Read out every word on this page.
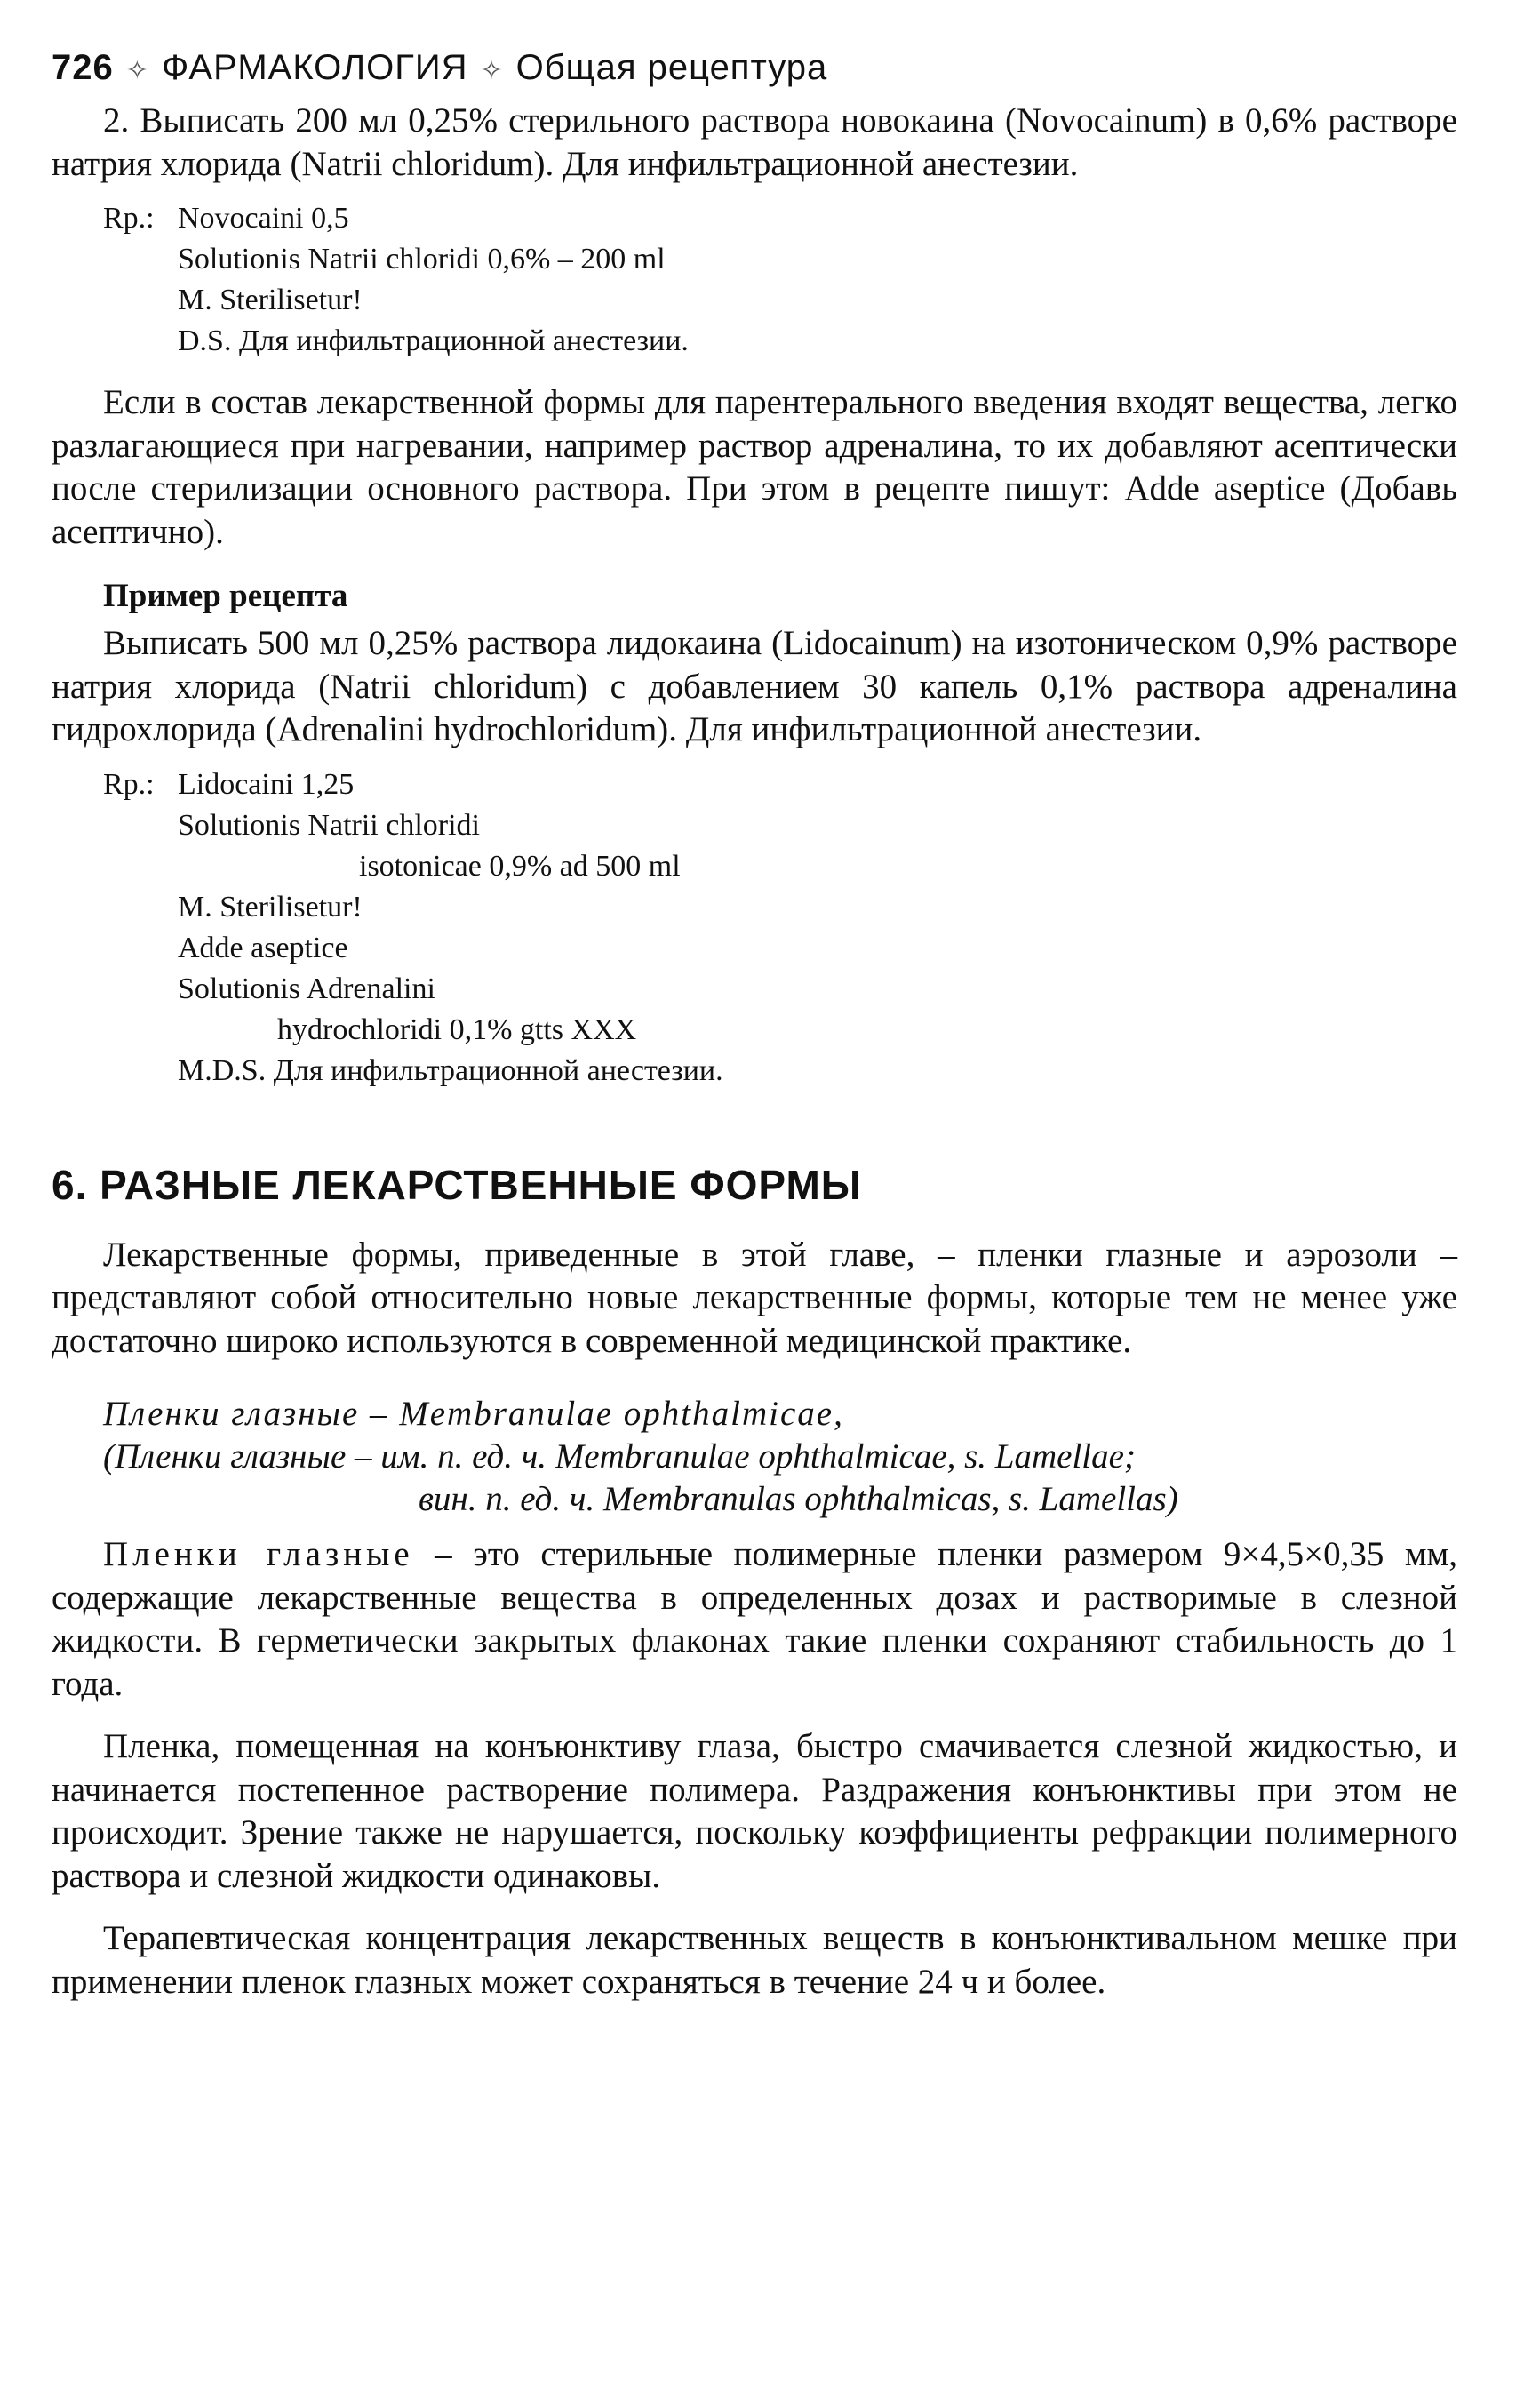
726 ✧ ФАРМАКОЛОГИЯ ✧ Общая рецептура

2. Выписать 200 мл 0,25% стерильного раствора новокаина (Novocainum) в 0,6% растворе натрия хлорида (Natrii chloridum). Для инфильтрационной анестезии.

Rp.: Novocaini 0,5
Solutionis Natrii chloridi 0,6% – 200 ml
M. Sterilisetur!
D.S. Для инфильтрационной анестезии.

Если в состав лекарственной формы для парентерального введения входят вещества, легко разлагающиеся при нагревании, например раствор адреналина, то их добавляют асептически после стерилизации основного раствора. При этом в рецепте пишут: Adde aseptice (Добавь асептично).

Пример рецепта

Выписать 500 мл 0,25% раствора лидокаина (Lidocainum) на изотоническом 0,9% растворе натрия хлорида (Natrii chloridum) с добавлением 30 капель 0,1% раствора адреналина гидрохлорида (Adrenalini hydrochloridum). Для инфильтрационной анестезии.

Rp.: Lidocaini 1,25
Solutionis Natrii chloridi
isotonicae 0,9% ad 500 ml
M. Sterilisetur!
Adde aseptice
Solutionis Adrenalini
hydrochloridi 0,1% gtts XXX
M.D.S. Для инфильтрационной анестезии.
6. РАЗНЫЕ ЛЕКАРСТВЕННЫЕ ФОРМЫ

Лекарственные формы, приведенные в этой главе, – пленки глазные и аэрозоли – представляют собой относительно новые лекарственные формы, которые тем не менее уже достаточно широко используются в современной медицинской практике.

Пленки глазные – Membranulae ophthalmicae,
(Пленки глазные – им. п. ед. ч. Membranulae ophthalmicae, s. Lamellae;
вин. п. ед. ч. Membranulas ophthalmicas, s. Lamellas)

Пленки глазные – это стерильные полимерные пленки размером 9×4,5×0,35 мм, содержащие лекарственные вещества в определенных дозах и растворимые в слезной жидкости. В герметически закрытых флаконах такие пленки сохраняют стабильность до 1 года.

Пленка, помещенная на конъюнктиву глаза, быстро смачивается слезной жидкостью, и начинается постепенное растворение полимера. Раздражения конъюнктивы при этом не происходит. Зрение также не нарушается, поскольку коэффициенты рефракции полимерного раствора и слезной жидкости одинаковы.

Терапевтическая концентрация лекарственных веществ в конъюнктивальном мешке при применении пленок глазных может сохраняться в течение 24 ч и более.
